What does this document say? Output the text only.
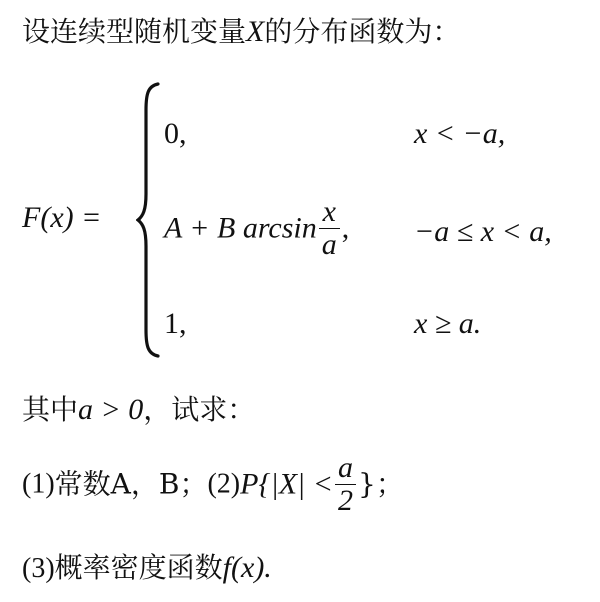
设连续型随机变量X的分布函数为：
F(x) =
0,	x < −a,
A + B $\arcsin \frac{x}{a}$ , −a ≤ x < a,
1,	x ≥ a.
其中a > 0，试求：
(1)常数A，B；$(2)P\{|X| < \frac{a}{2}$ }；
(3)概率密度函数f(x).
